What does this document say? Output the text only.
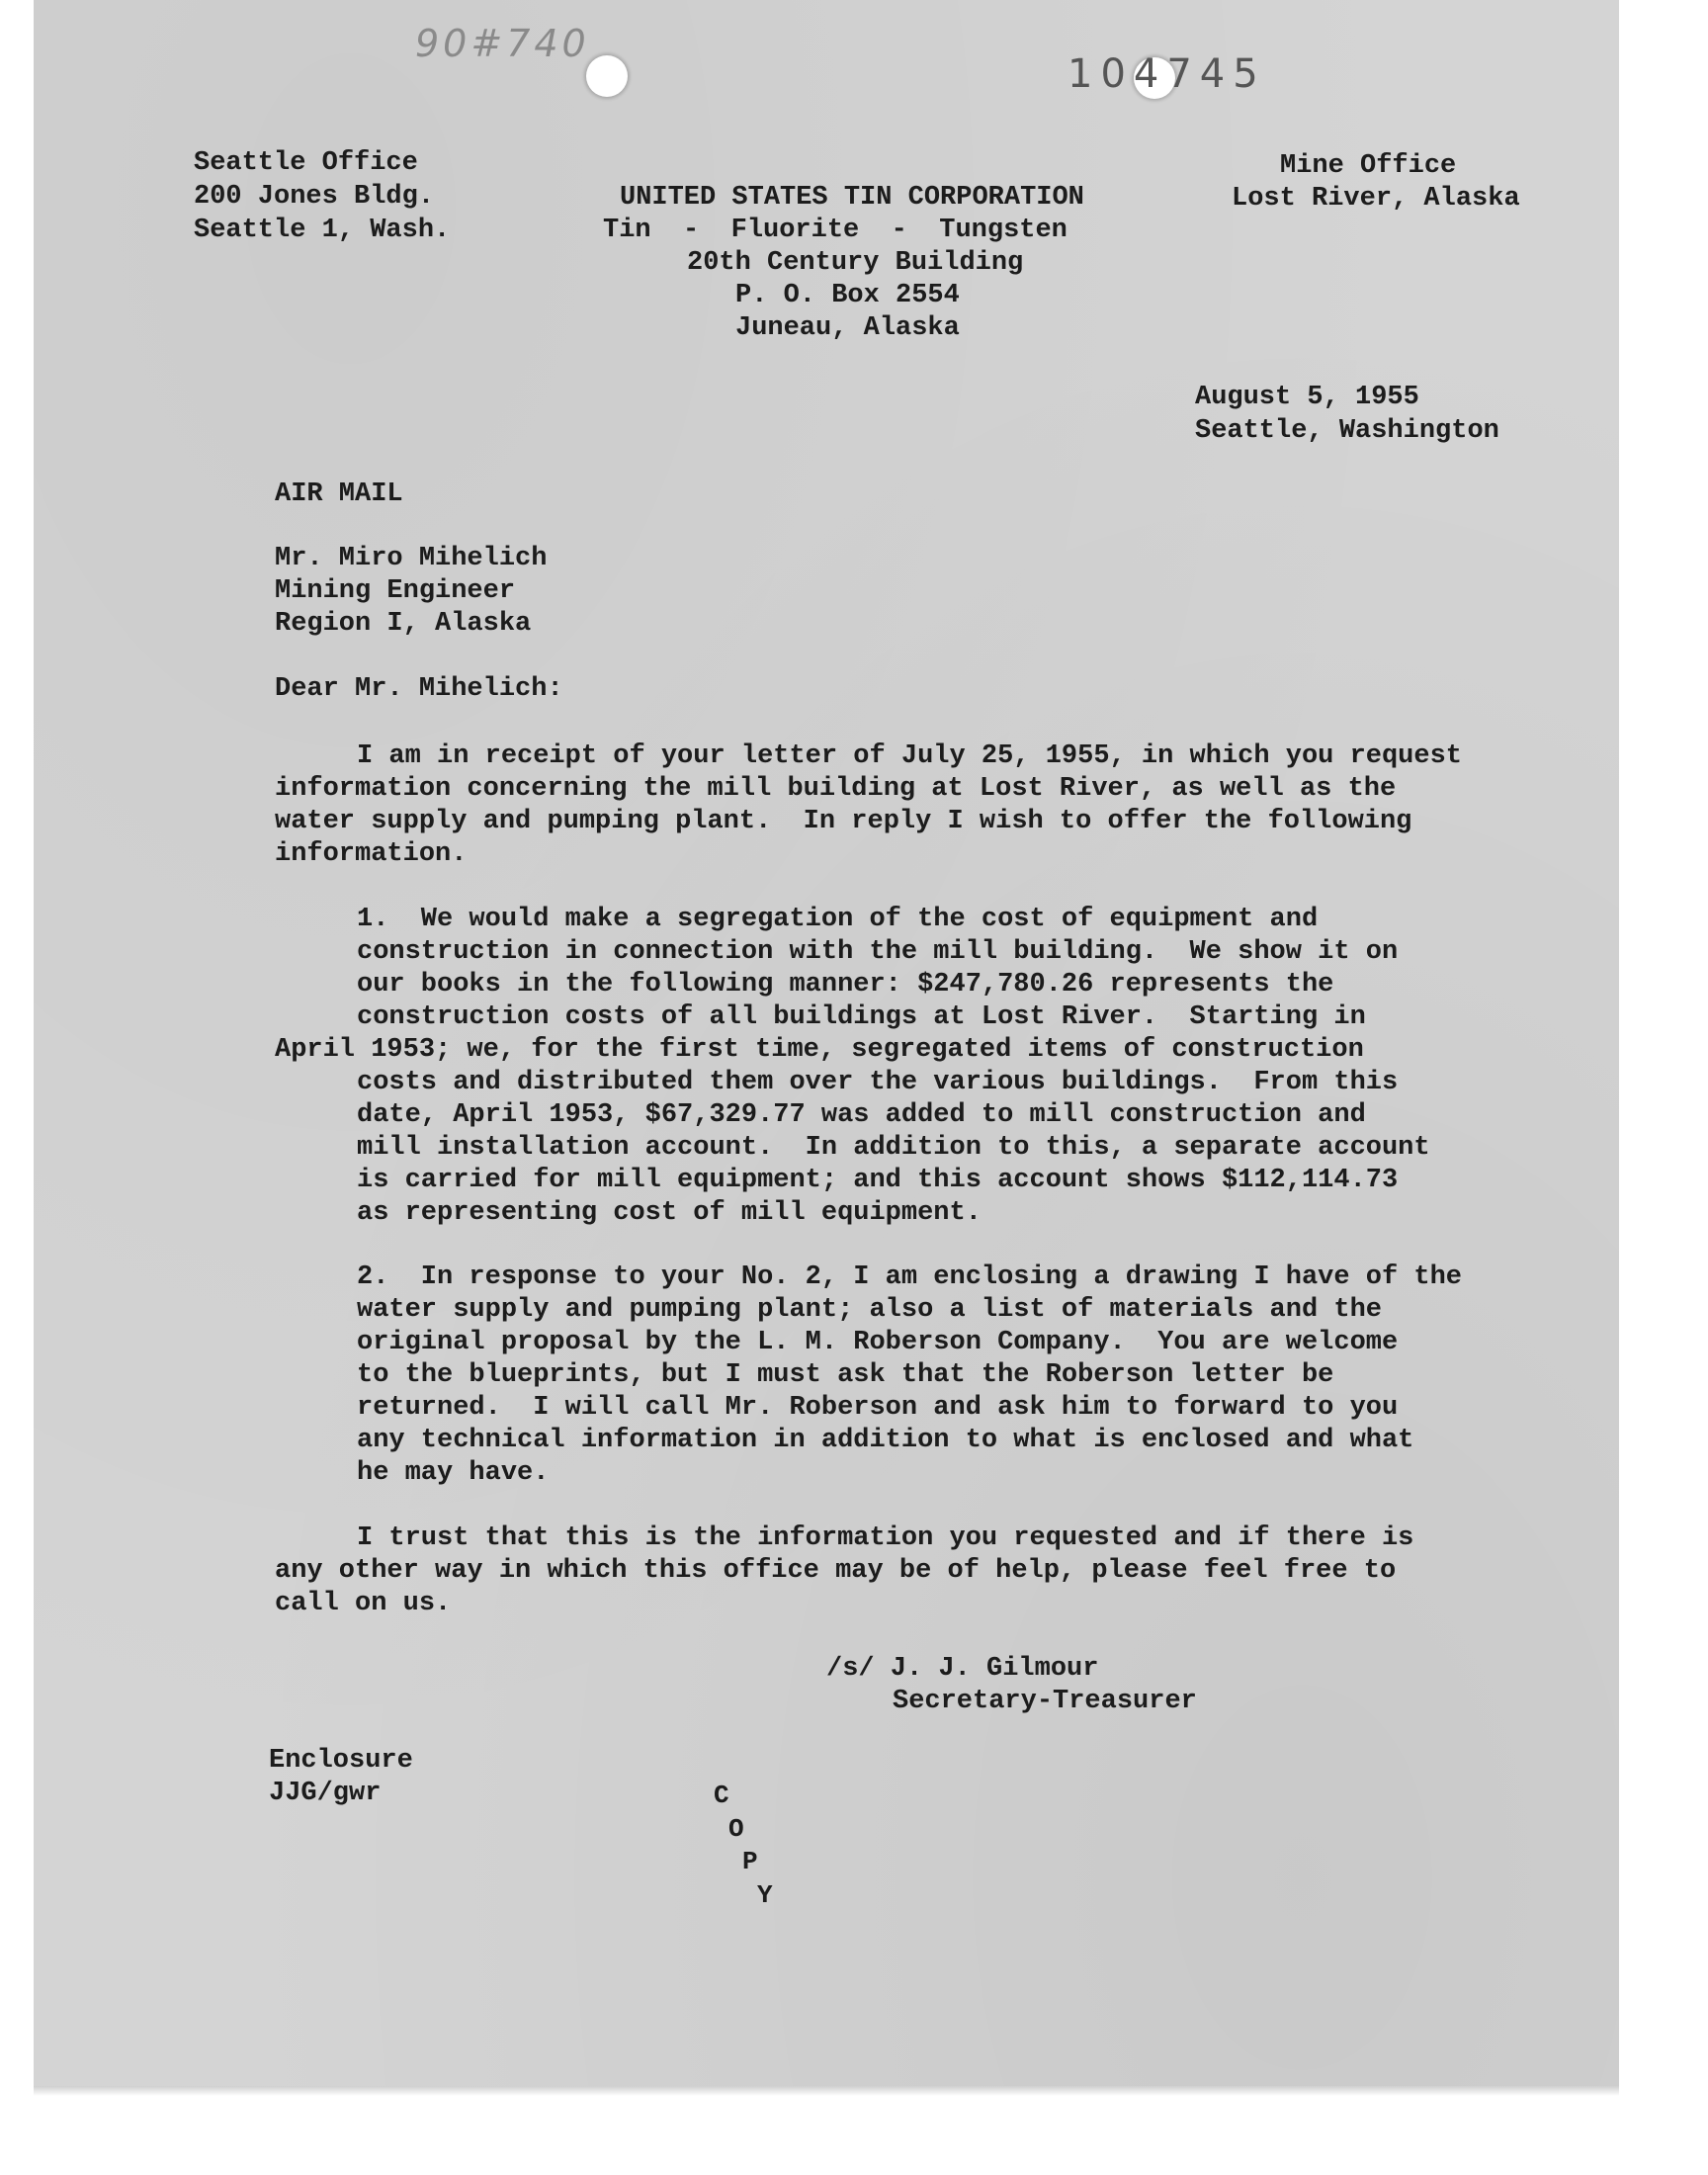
90#740
104745
Seattle Office
200 Jones Bldg.
Seattle 1, Wash.
UNITED STATES TIN CORPORATION
Tin  -  Fluorite  -  Tungsten
20th Century Building
P. O. Box 2554
Juneau, Alaska
Mine Office
Lost River, Alaska
August 5, 1955
Seattle, Washington
AIR MAIL
Mr. Miro Mihelich
Mining Engineer
Region I, Alaska
Dear Mr. Mihelich:
I am in receipt of your letter of July 25, 1955, in which you request
information concerning the mill building at Lost River, as well as the
water supply and pumping plant.  In reply I wish to offer the following
information.
1.  We would make a segregation of the cost of equipment and
construction in connection with the mill building.  We show it on
our books in the following manner: $247,780.26 represents the
construction costs of all buildings at Lost River.  Starting in
April 1953; we, for the first time, segregated items of construction
costs and distributed them over the various buildings.  From this
date, April 1953, $67,329.77 was added to mill construction and
mill installation account.  In addition to this, a separate account
is carried for mill equipment; and this account shows $112,114.73
as representing cost of mill equipment.
2.  In response to your No. 2, I am enclosing a drawing I have of the
water supply and pumping plant; also a list of materials and the
original proposal by the L. M. Roberson Company.  You are welcome
to the blueprints, but I must ask that the Roberson letter be
returned.  I will call Mr. Roberson and ask him to forward to you
any technical information in addition to what is enclosed and what
he may have.
I trust that this is the information you requested and if there is
any other way in which this office may be of help, please feel free to
call on us.
/s/ J. J. Gilmour
Secretary-Treasurer
Enclosure
JJG/gwr	C
O
P
Y
